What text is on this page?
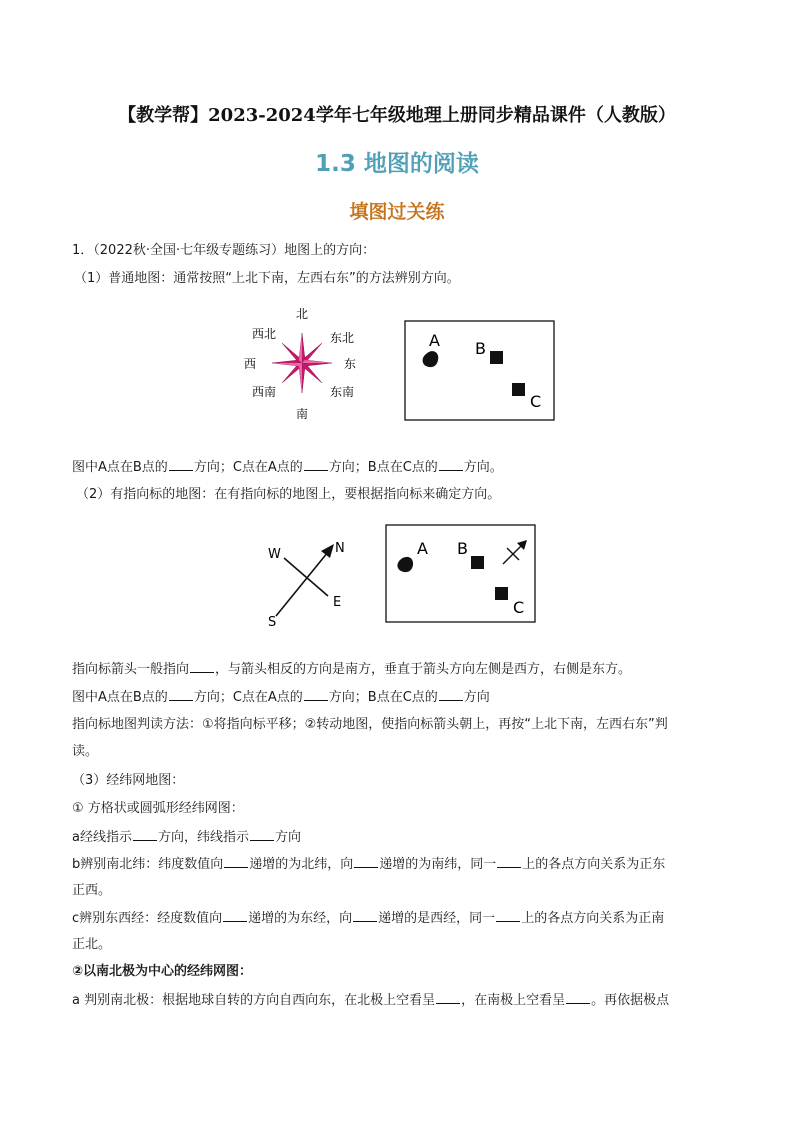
【教学帮】2023-2024学年七年级地理上册同步精品课件（人教版）
1.3 地图的阅读
填图过关练
1．（2022秋·全国·七年级专题练习）地图上的方向：
（1）普通地图：通常按照“上北下南，左西右东”的方法辨别方向。
北
东北
东
东南
南
西南
西
西北	A B
C
图中A点在B点的 方向；C点在A点的 方向；B点在C点的 方向。
（2）有指向标的地图：在有指向标的地图上，要根据指向标来确定方向。
W	N
E
S
A B
C
指向标箭头一般指向 ，与箭头相反的方向是南方，垂直于箭头方向左侧是西方，右侧是东方。
图中A点在B点的 方向；C点在A点的 方向；B点在C点的 方向
指向标地图判读方法：①将指向标平移；②转动地图，使指向标箭头朝上，再按“上北下南，左西右东”判
读。
（3）经纬网地图：
① 方格状或圆弧形经纬网图：
a经线指示 方向，纬线指示 方向
b辨别南北纬：纬度数值向 递增的为北纬，向 递增的为南纬，同一 上的各点方向关系为正东
正西。
c辨别东西经：经度数值向 递增的为东经，向 递增的是西经，同一 上的各点方向关系为正南
正北。
②以南北极为中心的经纬网图：
a 判别南北极：根据地球自转的方向自西向东，在北极上空看呈 ，在南极上空看呈 。再依据极点
